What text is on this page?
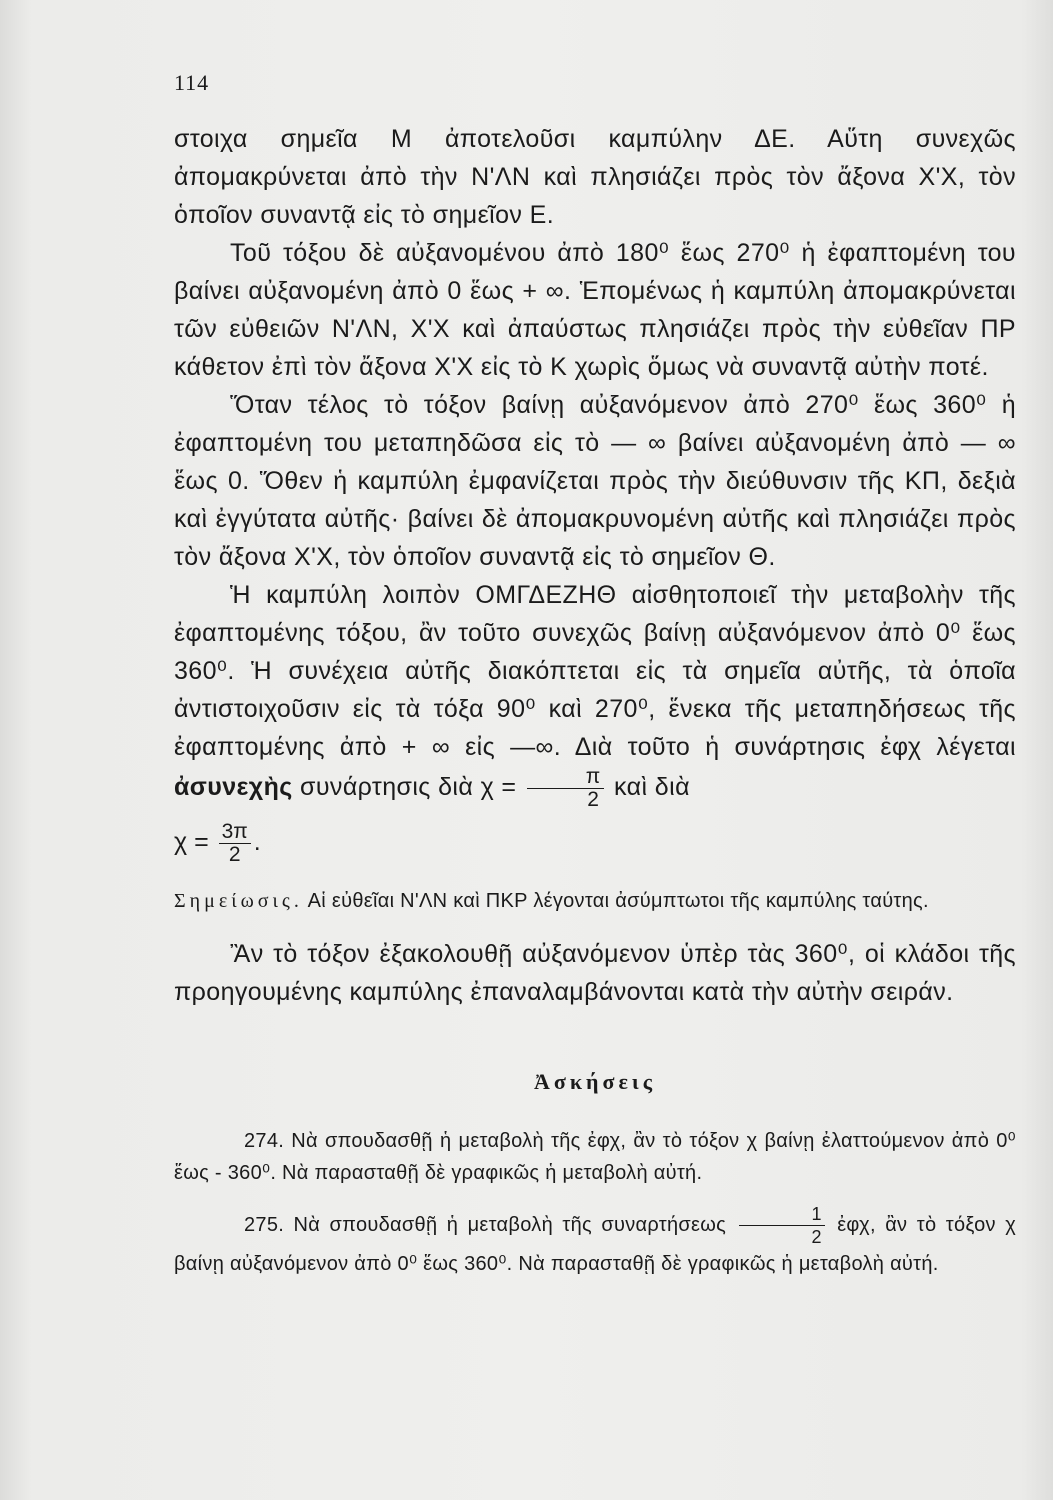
114

στοιχα σημεῖα Μ ἀποτελοῦσι καμπύλην ΔΕ. Αὕτη συνεχῶς ἀπομακρύνεται ἀπὸ τὴν Ν'ΛΝ καὶ πλησιάζει πρὸς τὸν ἄξονα Χ'Χ, τὸν ὁποῖον συναντᾷ εἰς τὸ σημεῖον Ε.

Τοῦ τόξου δὲ αὐξανομένου ἀπὸ 180⁰ ἕως 270⁰ ἡ ἐφαπτομένη του βαίνει αὐξανομένη ἀπὸ 0 ἕως + ∞. Ἑπομένως ἡ καμπύλη ἀπομακρύνεται τῶν εὐθειῶν Ν'ΛΝ, Χ'Χ καὶ ἀπαύστως πλησιάζει πρὸς τὴν εὐθεῖαν ΠΡ κάθετον ἐπὶ τὸν ἄξονα Χ'Χ εἰς τὸ Κ χωρὶς ὅμως νὰ συναντᾷ αὐτὴν ποτέ.

Ὅταν τέλος τὸ τόξον βαίνῃ αὐξανόμενον ἀπὸ 270⁰ ἕως 360⁰ ἡ ἐφαπτομένη του μεταπηδῶσα εἰς τὸ — ∞ βαίνει αὐξανομένη ἀπὸ — ∞ ἕως 0. Ὅθεν ἡ καμπύλη ἐμφανίζεται πρὸς τὴν διεύθυνσιν τῆς ΚΠ, δεξιὰ καὶ ἐγγύτατα αὐτῆς· βαίνει δὲ ἀπομακρυνομένη αὐτῆς καὶ πλησιάζει πρὸς τὸν ἄξονα Χ'Χ, τὸν ὁποῖον συναντᾷ εἰς τὸ σημεῖον Θ.

Ἡ καμπύλη λοιπὸν ΟΜΓΔΕΖΗΘ αἰσθητοποιεῖ τὴν μεταβολὴν τῆς ἐφαπτομένης τόξου, ἂν τοῦτο συνεχῶς βαίνῃ αὐξανόμενον ἀπὸ 0⁰ ἕως 360⁰. Ἡ συνέχεια αὐτῆς διακόπτεται εἰς τὰ σημεῖα αὐτῆς, τὰ ὁποῖα ἀντιστοιχοῦσιν εἰς τὰ τόξα 90⁰ καὶ 270⁰, ἕνεκα τῆς μεταπηδήσεως τῆς ἐφαπτομένης ἀπὸ + ∞ εἰς —∞. Διὰ τοῦτο ἡ συνάρτησις ἐφχ λέγεται ἀσυνεχὴς συνάρτησις διὰ $\chi = \frac{\pi}{2}$ καὶ διὰ

$\chi = \frac{3\pi}{2}$ .

Σημείωσις. Αἱ εὐθεῖαι Ν'ΛΝ καὶ ΠΚΡ λέγονται ἀσύμπτωτοι τῆς καμπύλης ταύτης.

Ἂν τὸ τόξον ἐξακολουθῇ αὐξανόμενον ὑπὲρ τὰς 360⁰, οἱ κλάδοι τῆς προηγουμένης καμπύλης ἐπαναλαμβάνονται κατὰ τὴν αὐτὴν σειράν.

Ἀσκήσεις

274. Νὰ σπουδασθῇ ἡ μεταβολὴ τῆς ἐφχ, ἂν τὸ τόξον χ βαίνῃ ἐλαττούμενον ἀπὸ 0⁰ ἕως - 360⁰. Νὰ παρασταθῇ δὲ γραφικῶς ἡ μεταβολὴ αὐτή.

275. Νὰ σπουδασθῇ ἡ μεταβολὴ τῆς συναρτήσεως $\frac{1}{2}$ ἐφχ, ἂν τὸ τόξον χ βαίνῃ αὐξανόμενον ἀπὸ 0⁰ ἕως 360⁰. Νὰ παρασταθῇ δὲ γραφικῶς ἡ μεταβολὴ αὐτή.
